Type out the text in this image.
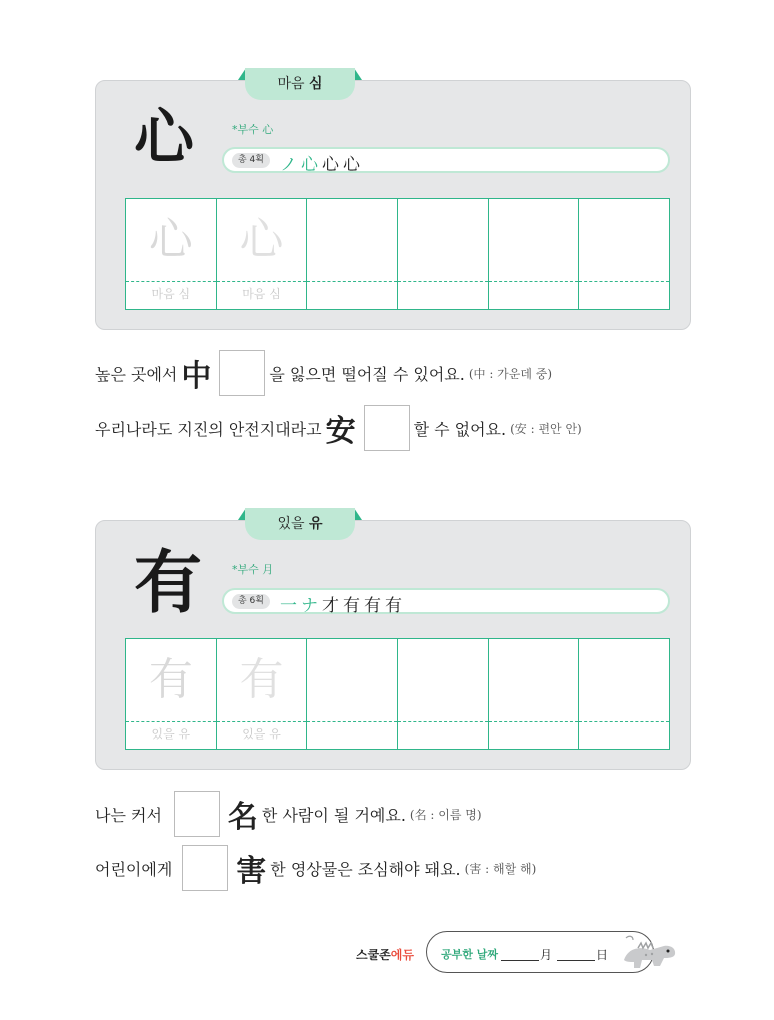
心	*부수 心
총 4획 ノ心心心
心
마음 심
心
마음 심
마음 심
높은 곳에서 中	을 잃으면 떨어질 수 있어요. (中 : 가운데 중)
우리나라도 지진의 안전지대라고 安	할 수 없어요. (安 : 편안 안)
有	*부수 月
총 6획 一ナ才有有有
有
있을 유
有
있을 유
있을 유
나는 커서 名 한 사람이 될 거예요. (名 : 이름 명)
어린이에게 害 한 영상물은 조심해야 돼요. (害 : 해할 해)
스쿨존에듀 공부한 날짜	月	日
